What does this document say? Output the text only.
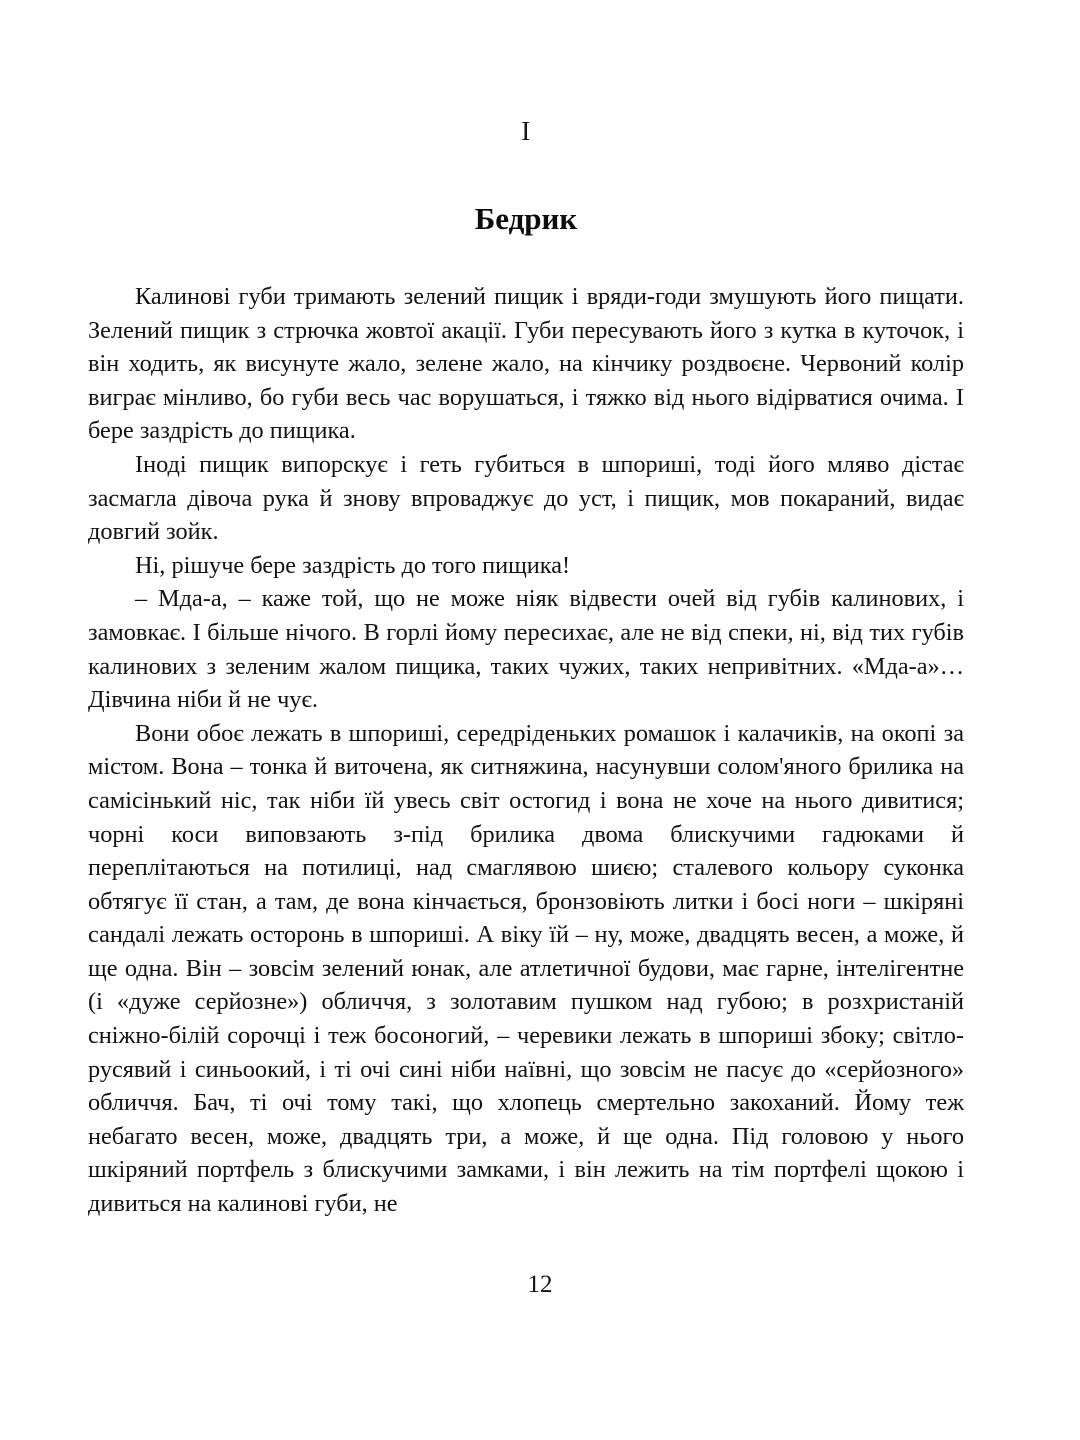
I
Бедрик

Калинові губи тримають зелений пищик і вряди-годи змушують його пищати. Зелений пищик з стрючка жовтої акації. Губи пересувають його з кутка в куточок, і він ходить, як висунуте жало, зелене жало, на кінчику роздвоєне. Червоний колір виграє мінливо, бо губи весь час ворушаться, і тяжко від нього відірватися очима. І бере заздрість до пищика.

Іноді пищик випорскує і геть губиться в шпориші, тоді його мляво дістає засмагла дівоча рука й знову впроваджує до уст, і пищик, мов покараний, видає довгий зойк.

Ні, рішуче бере заздрість до того пищика!

– Мда-а, – каже той, що не може ніяк відвести очей від губів калинових, і замовкає. І більше нічого. В горлі йому пересихає, але не від спеки, ні, від тих губів калинових з зеленим жалом пищика, таких чужих, таких непривітних. «Мда-а»… Дівчина ніби й не чує.

Вони обоє лежать в шпориші, середріденьких ромашок і калачиків, на окопі за містом. Вона – тонка й виточена, як ситняжина, насунувши солом'яного брилика на самісінький ніс, так ніби їй увесь світ остогид і вона не хоче на нього дивитися; чорні коси виповзають з-під брилика двома блискучими гадюками й переплітаються на потилиці, над смаглявою шиєю; сталевого кольору суконка обтягує її стан, а там, де вона кінчається, бронзовіють литки і босі ноги – шкіряні сандалі лежать осторонь в шпориші. А віку їй – ну, може, двадцять весен, а може, й ще одна. Він – зовсім зелений юнак, але атлетичної будови, має гарне, інтелігентне (і «дуже серйозне») обличчя, з золотавим пушком над губою; в розхристаній сніжно-білій сорочці і теж босоногий, – черевики лежать в шпориші збоку; світло-русявий і синьоокий, і ті очі сині ніби наївні, що зовсім не пасує до «серйозного» обличчя. Бач, ті очі тому такі, що хлопець смертельно закоханий. Йому теж небагато весен, може, двадцять три, а може, й ще одна. Під головою у нього шкіряний портфель з блискучими замками, і він лежить на тім портфелі щокою і дивиться на калинові губи, не

12
